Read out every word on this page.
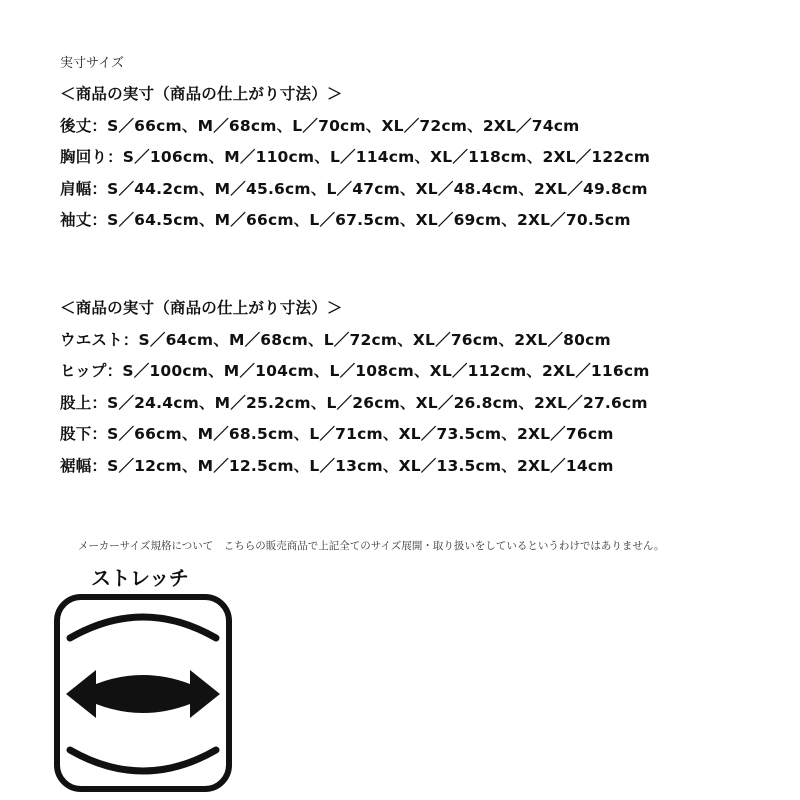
実寸サイズ
＜商品の実寸（商品の仕上がり寸法）＞
後丈：S／66cm、M／68cm、L／70cm、XL／72cm、2XL／74cm
胸回り：S／106cm、M／110cm、L／114cm、XL／118cm、2XL／122cm
肩幅：S／44.2cm、M／45.6cm、L／47cm、XL／48.4cm、2XL／49.8cm
袖丈：S／64.5cm、M／66cm、L／67.5cm、XL／69cm、2XL／70.5cm
＜商品の実寸（商品の仕上がり寸法）＞
ウエスト：S／64cm、M／68cm、L／72cm、XL／76cm、2XL／80cm
ヒップ：S／100cm、M／104cm、L／108cm、XL／112cm、2XL／116cm
股上：S／24.4cm、M／25.2cm、L／26cm、XL／26.8cm、2XL／27.6cm
股下：S／66cm、M／68.5cm、L／71cm、XL／73.5cm、2XL／76cm
裾幅：S／12cm、M／12.5cm、L／13cm、XL／13.5cm、2XL／14cm
メーカーサイズ規格について　こちらの販売商品で上記全てのサイズ展開・取り扱いをしているというわけではありません。
ストレッチ
